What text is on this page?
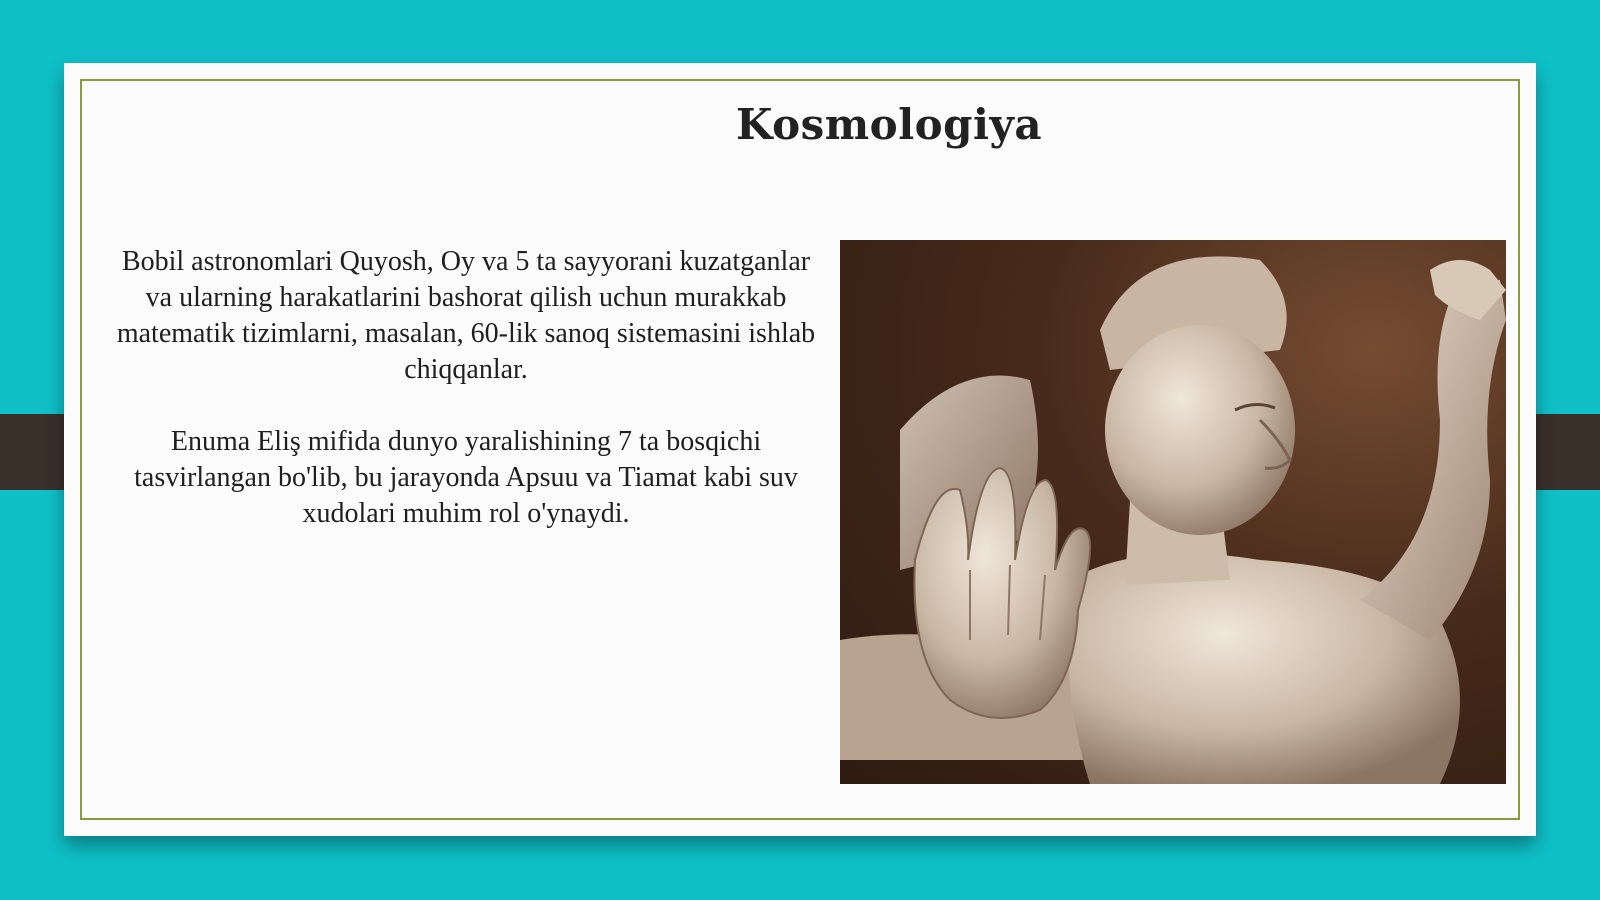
Kosmologiya

Bobil astronomlari Quyosh, Oy va 5 ta sayyorani kuzatganlar va ularning harakatlarini bashorat qilish uchun murakkab matematik tizimlarni, masalan, 60-lik sanoq sistemasini ishlab chiqqanlar.

Enuma Eliş mifida dunyo yaralishining 7 ta bosqichi tasvirlangan bo'lib, bu jarayonda Apsuu va Tiamat kabi suv xudolari muhim rol o'ynaydi.
